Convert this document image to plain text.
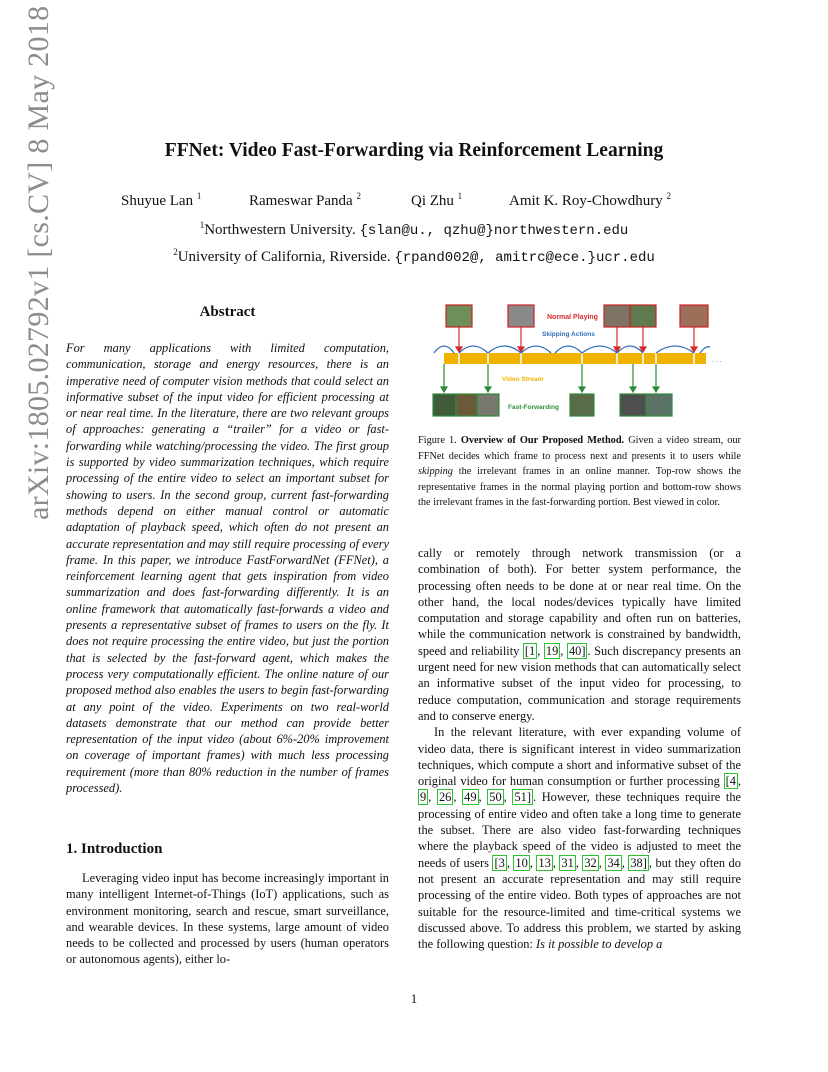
arXiv:1805.02792v1 [cs.CV] 8 May 2018	FFNet: Video Fast-Forwarding via Reinforcement Learning
Shuyue Lan $^1$	Rameswar Panda $^2$	Qi Zhu $^1$	Amit K. Roy-Chowdhury $^2$
$^1$Northwestern University. {slan@u., qzhu@}northwestern.edu
$^2$University of California, Riverside. {rpand002@, amitrc@ece.}ucr.edu
Abstract
For many applications with limited computation, communication, storage and energy resources, there is an imperative need of computer vision methods that could select an informative subset of the input video for efficient processing at or near real time. In the literature, there are two relevant groups of approaches: generating a “trailer” for a video or fast-forwarding while watching/processing the video. The first group is supported by video summarization techniques, which require processing of the entire video to select an important subset for showing to users. In the second group, current fast-forwarding methods depend on either manual control or automatic adaptation of playback speed, which often do not present an accurate representation and may still require processing of every frame. In this paper, we introduce FastForwardNet (FFNet), a reinforcement learning agent that gets inspiration from video summarization and does fast-forwarding differently. It is an online framework that automatically fast-forwards a video and presents a representative subset of frames to users on the fly. It does not require processing the entire video, but just the portion that is selected by the fast-forward agent, which makes the process very computationally efficient. The online nature of our proposed method also enables the users to begin fast-forwarding at any point of the video. Experiments on two real-world datasets demonstrate that our method can provide better representation of the input video (about 6%-20% improvement on coverage of important frames) with much less processing requirement (more than 80% reduction in the number of frames processed).
1. Introduction

Leveraging video input has become increasingly important in many intelligent Internet-of-Things (IoT) applications, such as environment monitoring, search and rescue, smart surveillance, and wearable devices. In these systems, large amount of video needs to be collected and processed by users (human operators or autonomous agents), either lo-

Normal Playing
Skipping Actions
. . .
Video Stream
Fast-Forwarding
Figure 1. Overview of Our Proposed Method. Given a video stream, our FFNet decides which frame to process next and presents it to users while skipping the irrelevant frames in an online manner. Top-row shows the representative frames in the normal playing portion and bottom-row shows the irrelevant frames in the fast-forwarding portion. Best viewed in color.

cally or remotely through network transmission (or a combination of both). For better system performance, the processing often needs to be done at or near real time. On the other hand, the local nodes/devices typically have limited computation and storage capability and often run on batteries, while the communication network is constrained by bandwidth, speed and reliability [1 , 19 , 40] . Such discrepancy presents an urgent need for new vision methods that can automatically select an informative subset of the input video for processing, to reduce computation, communication and storage requirements and to conserve energy.

In the relevant literature, with ever expanding volume of video data, there is significant interest in video summarization techniques, which compute a short and informative subset of the original video for human consumption or further processing [4 , 9 , 26 , 49 , 50 , 51] . However, these techniques require the processing of entire video and often take a long time to generate the subset. There are also video fast-forwarding techniques where the playback speed of the video is adjusted to meet the needs of users [3 , 10 , 13 , 31 , 32 , 34 , 38] , but they often do not present an accurate representation and may still require processing of the entire video. Both types of approaches are not suitable for the resource-limited and time-critical systems we discussed above. To address this problem, we started by asking the following question: Is it possible to develop a

1
